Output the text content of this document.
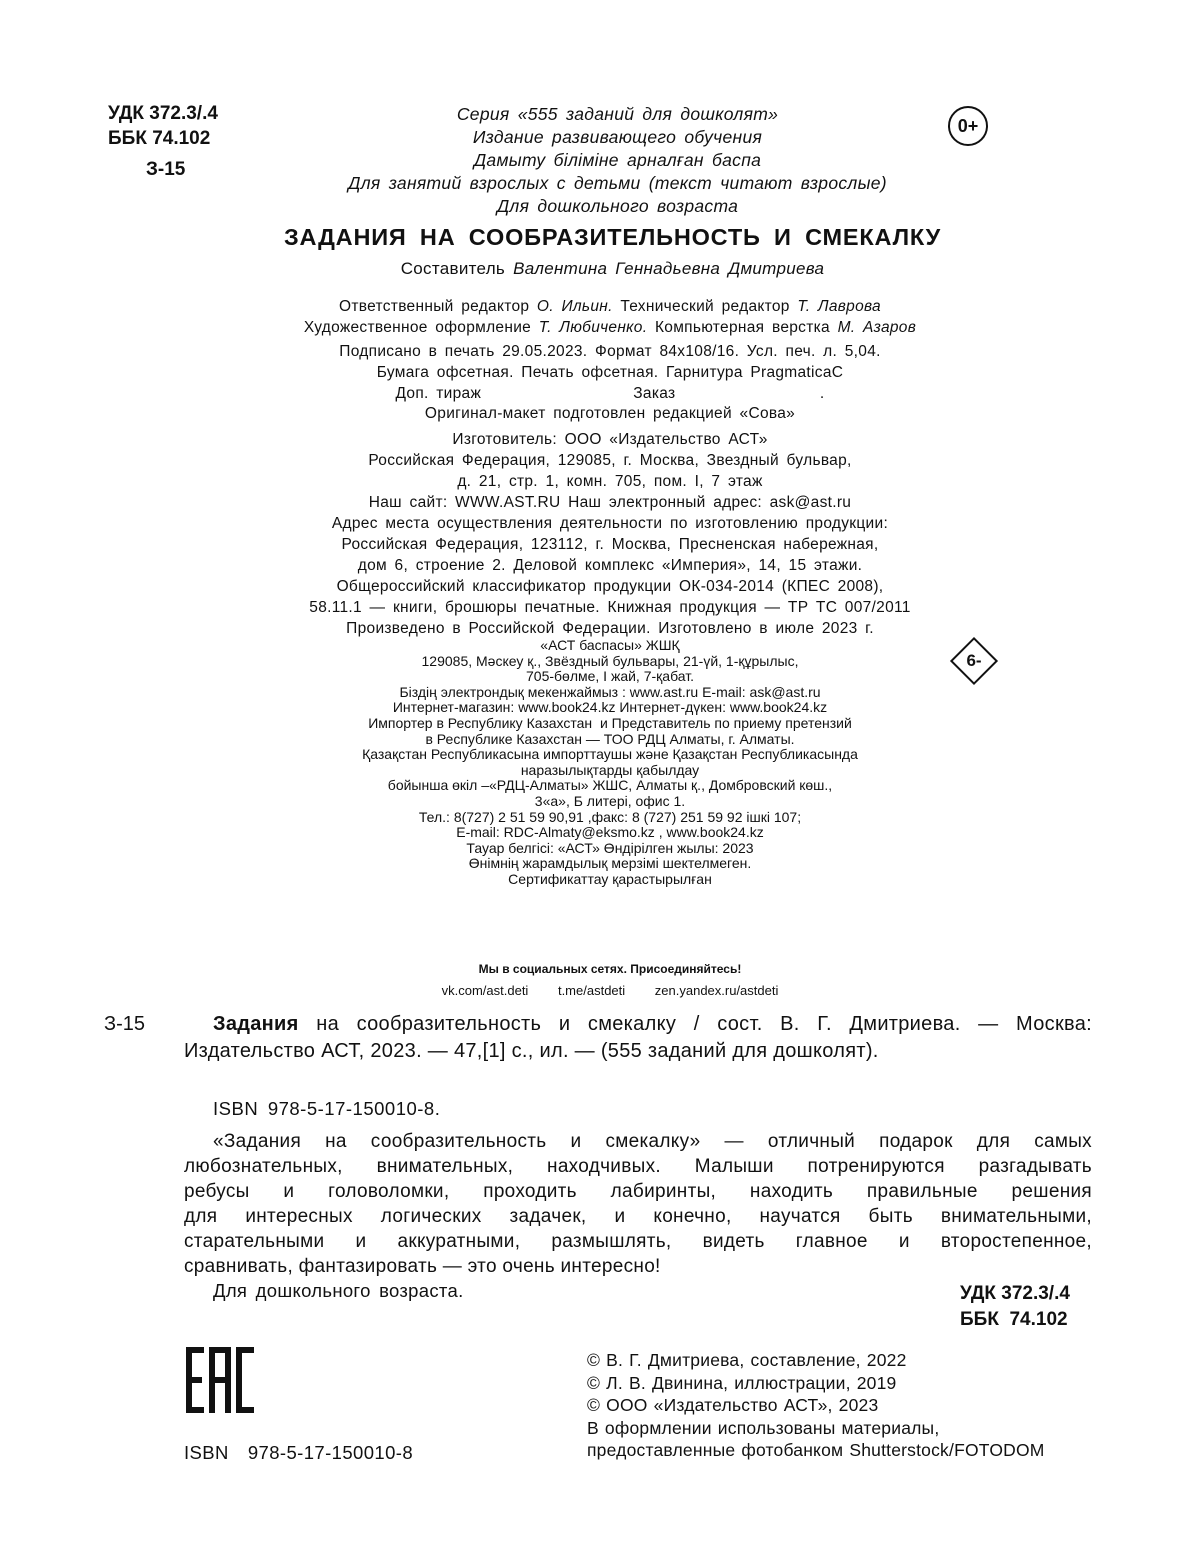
УДК 372.3/.4
ББК 74.102
З-15
Серия «555 заданий для дошколят»
Издание развивающего обучения
Дамыту біліміне арналған баспа
Для занятий взрослых с детьми (текст читают взрослые)
Для дошкольного возраста
0+
ЗАДАНИЯ НА СООБРАЗИТЕЛЬНОСТЬ И СМЕКАЛКУ
Составитель Валентина Геннадьевна Дмитриева
Ответственный редактор О. Ильин. Технический редактор Т. Лаврова
Художественное оформление Т. Любиченко. Компьютерная верстка М. Азаров
Подписано в печать 29.05.2023. Формат 84х108/16. Усл. печ. л. 5,04.
Бумага офсетная. Печать офсетная. Гарнитура PragmaticaC
Доп. тираж                    Заказ                   .
Оригинал-макет подготовлен редакцией «Сова»
Изготовитель: ООО «Издательство АСТ»
Российская Федерация, 129085, г. Москва, Звездный бульвар,
д. 21, стр. 1, комн. 705, пом. I, 7 этаж
Наш сайт: WWW.AST.RU Наш электронный адрес: ask@ast.ru
Адрес места осуществления деятельности по изготовлению продукции:
Российская Федерация, 123112, г. Москва, Пресненская набережная,
дом 6, строение 2. Деловой комплекс «Империя», 14, 15 этажи.
Общероссийский классификатор продукции ОК-034-2014 (КПЕС 2008),
58.11.1 — книги, брошюры печатные. Книжная продукция — ТР ТС 007/2011
Произведено в Российской Федерации. Изготовлено в июле 2023 г.
«АСТ баспасы» ЖШҚ
129085, Мәскеу қ., Звёздный бульвары, 21-үй, 1-құрылыс,
705-бөлме, I жай, 7-қабат.
Біздің электрондық мекенжаймыз : www.ast.ru E-mail: ask@ast.ru
Интернет-магазин: www.book24.kz Интернет-дүкен: www.book24.kz
Импортер в Республику Казахстан  и Представитель по приему претензий
в Республике Казахстан — ТОО РДЦ Алматы, г. Алматы.
Қазақстан Республикасына импорттаушы және Қазақстан Республикасында
наразылықтарды қабылдау
бойынша өкіл –«РДЦ-Алматы» ЖШС, Алматы қ., Домбровский көш.,
3«а», Б литері, офис 1.
Тел.: 8(727) 2 51 59 90,91 ,факс: 8 (727) 251 59 92 ішкі 107;
E-mail: RDC-Almaty@eksmo.kz , www.book24.kz
Тауар белгісі: «АСТ» Өндірілген жылы: 2023
Өнімнің жарамдылық мерзімі шектелмеген.
Сертификаттау қарастырылған
6-
Мы в социальных сетях. Присоединяйтесь!
vk.com/ast.deti t.me/astdeti zen.yandex.ru/astdeti
З-15	Задания на сообразительность и смекалку / сост. В. Г. Дмитриева. — Москва: Издательство АСТ, 2023. — 47,[1] с., ил. — (555 заданий для дошколят).
ISBN 978-5-17-150010-8.
«Задания на сообразительность и смекалку» — отличный подарок для самых
любознательных, внимательных, находчивых. Малыши потренируются разгадывать
ребусы и головоломки, проходить лабиринты, находить правильные решения
для интересных логических задачек, и конечно, научатся быть внимательными,
старательными и аккуратными, размышлять, видеть главное и второстепенное,
сравнивать, фантазировать — это очень интересно!
Для дошкольного возраста.	УДК 372.3/.4
ББК  74.102
ISBN  978-5-17-150010-8
© В. Г. Дмитриева, составление, 2022
© Л. В. Двинина, иллюстрации, 2019
© ООО «Издательство АСТ», 2023
В оформлении использованы материалы,
предоставленные фотобанком Shutterstock/FOTODOM
